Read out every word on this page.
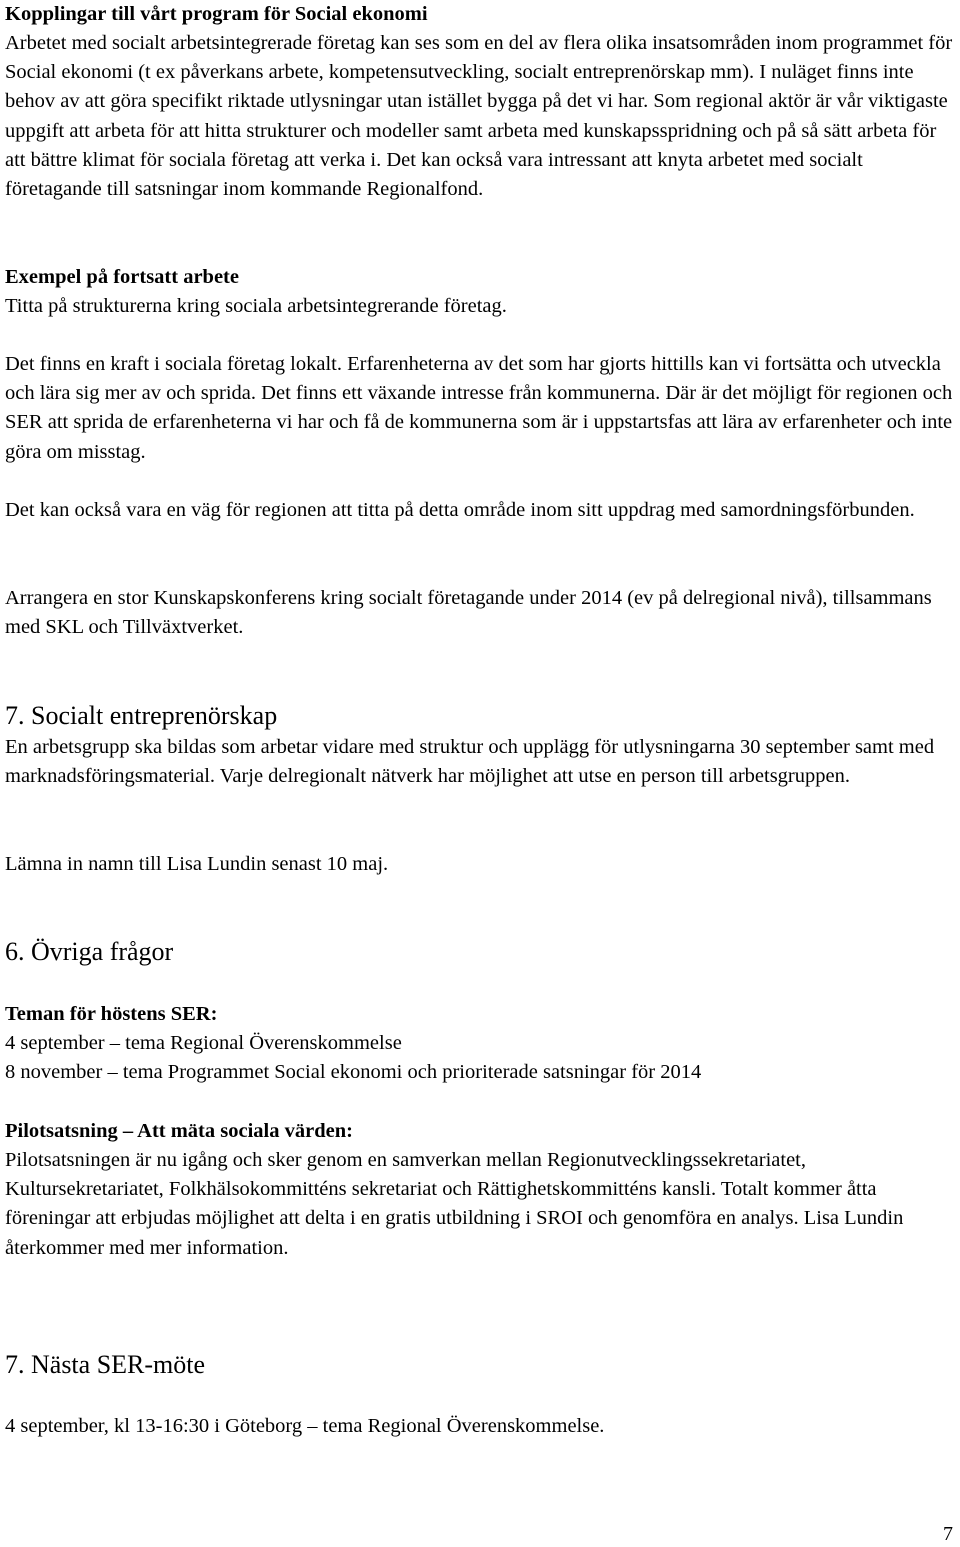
Kopplingar till vårt program för Social ekonomi

Arbetet med socialt arbetsintegrerade företag kan ses som en del av flera olika insatsområden inom programmet för Social ekonomi (t ex påverkans arbete, kompetensutveckling, socialt entreprenörskap mm). I nuläget finns inte behov av att göra specifikt riktade utlysningar utan istället bygga på det vi har. Som regional aktör är vår viktigaste uppgift att arbeta för att hitta strukturer och modeller samt arbeta med kunskapsspridning och på så sätt arbeta för att bättre klimat för sociala företag att verka i. Det kan också vara intressant att knyta arbetet med socialt företagande till satsningar inom kommande Regionalfond.

Exempel på fortsatt arbete

Titta på strukturerna kring sociala arbetsintegrerande företag.

Det finns en kraft i sociala företag lokalt. Erfarenheterna av det som har gjorts hittills kan vi fortsätta och utveckla och lära sig mer av och sprida. Det finns ett växande intresse från kommunerna. Där är det möjligt för regionen och SER att sprida de erfarenheterna vi har och få de kommunerna som är i uppstartsfas att lära av erfarenheter och inte göra om misstag.

Det kan också vara en väg för regionen att titta på detta område inom sitt uppdrag med samordningsförbunden.

Arrangera en stor Kunskapskonferens kring socialt företagande under 2014 (ev på delregional nivå), tillsammans med SKL och Tillväxtverket.

7. Socialt entreprenörskap

En arbetsgrupp ska bildas som arbetar vidare med struktur och upplägg för utlysningarna 30 september samt med marknadsföringsmaterial. Varje delregionalt nätverk har möjlighet att utse en person till arbetsgruppen.

Lämna in namn till Lisa Lundin senast 10 maj.

6. Övriga frågor

Teman för höstens SER:

4 september – tema Regional Överenskommelse

8 november – tema Programmet Social ekonomi och prioriterade satsningar för 2014

Pilotsatsning – Att mäta sociala värden:

Pilotsatsningen är nu igång och sker genom en samverkan mellan Regionutvecklingssekretariatet, Kultursekretariatet, Folkhälsokommitténs sekretariat och Rättighetskommitténs kansli. Totalt kommer åtta föreningar att erbjudas möjlighet att delta i en gratis utbildning i SROI och genomföra en analys. Lisa Lundin återkommer med mer information.

7. Nästa SER-möte

4 september, kl 13-16:30 i Göteborg – tema Regional Överenskommelse.

7
